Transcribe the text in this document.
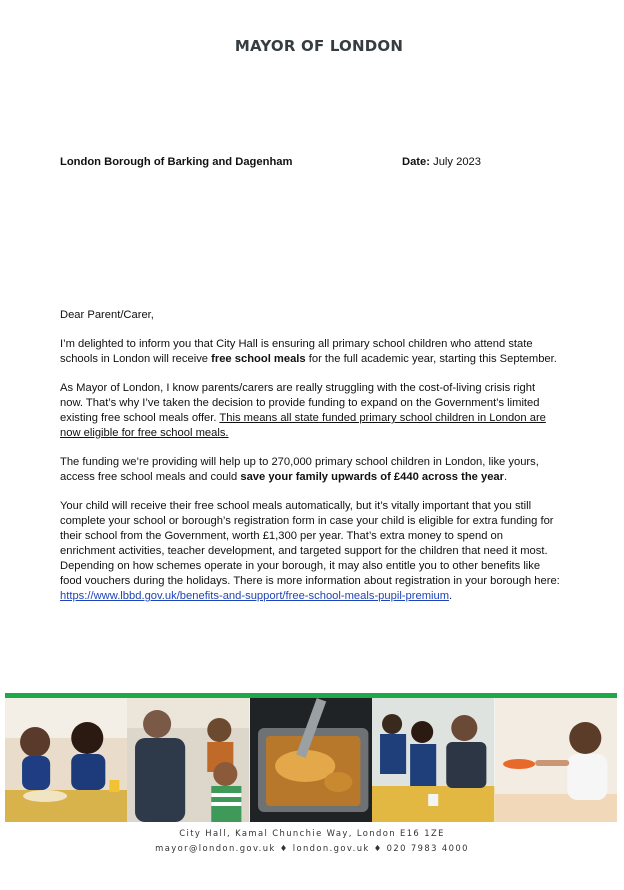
MAYOR OF LONDON
London Borough of Barking and Dagenham	Date: July 2023

Dear Parent/Carer,

I’m delighted to inform you that City Hall is ensuring all primary school children who attend state schools in London will receive free school meals for the full academic year, starting this September.

As Mayor of London, I know parents/carers are really struggling with the cost-of-living crisis right now. That’s why I’ve taken the decision to provide funding to expand on the Government’s limited existing free school meals offer. This means all state funded primary school children in London are now eligible for free school meals.

The funding we’re providing will help up to 270,000 primary school children in London, like yours, access free school meals and could save your family upwards of £440 across the year.

Your child will receive their free school meals automatically, but it’s vitally important that you still complete your school or borough’s registration form in case your child is eligible for extra funding for their school from the Government, worth £1,300 per year. That’s extra money to spend on enrichment activities, teacher development, and targeted support for the children that need it most. Depending on how schemes operate in your borough, it may also entitle you to other benefits like food vouchers during the holidays. There is more information about registration in your borough here: https://www.lbbd.gov.uk/benefits-and-support/free-school-meals-pupil-premium.

City Hall, Kamal Chunchie Way, London E16 1ZE
mayor@london.gov.uk ♦ london.gov.uk ♦ 020 7983 4000
